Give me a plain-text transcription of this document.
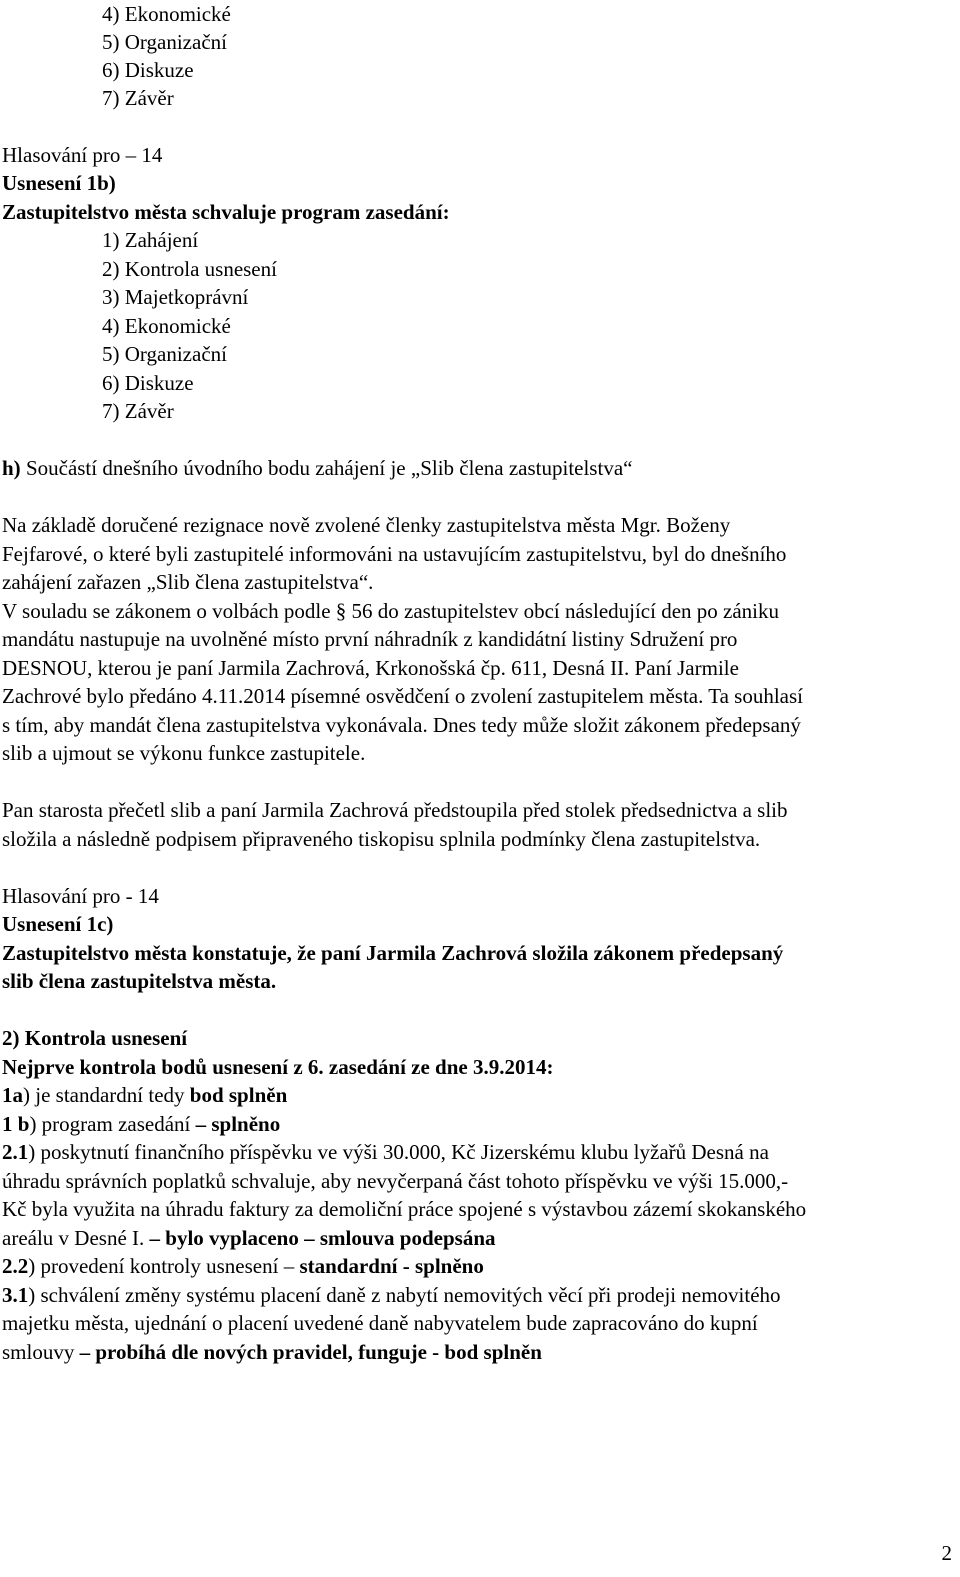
4) Ekonomické
5) Organizační
6) Diskuze
7) Závěr
Hlasování pro – 14
Usnesení 1b)
Zastupitelstvo města schvaluje program zasedání:
1) Zahájení
2) Kontrola usnesení
3) Majetkoprávní
4) Ekonomické
5) Organizační
6) Diskuze
7) Závěr
h) Součástí dnešního úvodního bodu zahájení je „Slib člena zastupitelstva“
Na základě doručené rezignace nově zvolené členky zastupitelstva města Mgr. Boženy
Fejfarové, o které byli zastupitelé informováni na ustavujícím zastupitelstvu, byl do dnešního
zahájení zařazen „Slib člena zastupitelstva“.
V souladu se zákonem o volbách podle § 56 do zastupitelstev obcí následující den po zániku
mandátu nastupuje na uvolněné místo první náhradník z kandidátní listiny Sdružení pro
DESNOU, kterou je paní Jarmila Zachrová, Krkonošská čp. 611, Desná II. Paní Jarmile
Zachrové bylo předáno 4.11.2014 písemné osvědčení o zvolení zastupitelem města. Ta souhlasí
s tím, aby mandát člena zastupitelstva vykonávala. Dnes tedy může složit zákonem předepsaný
slib a ujmout se výkonu funkce zastupitele.
Pan starosta přečetl slib a paní Jarmila Zachrová předstoupila před stolek předsednictva a slib
složila a následně podpisem připraveného tiskopisu splnila podmínky člena zastupitelstva.
Hlasování pro - 14
Usnesení 1c)
Zastupitelstvo města konstatuje, že paní Jarmila Zachrová složila zákonem předepsaný
slib člena zastupitelstva města.
2) Kontrola usnesení
Nejprve kontrola bodů usnesení z 6. zasedání ze dne 3.9.2014:
1a) je standardní tedy bod splněn
1 b) program zasedání – splněno
2.1) poskytnutí finančního příspěvku ve výši 30.000, Kč Jizerskému klubu lyžařů Desná na
úhradu správních poplatků schvaluje, aby nevyčerpaná část tohoto příspěvku ve výši 15.000,-
Kč byla využita na úhradu faktury za demoliční práce spojené s výstavbou zázemí skokanského
areálu v Desné I. – bylo vyplaceno – smlouva podepsána
2.2) provedení kontroly usnesení – standardní - splněno
3.1) schválení změny systému placení daně z nabytí nemovitých věcí při prodeji nemovitého
majetku města, ujednání o placení uvedené daně nabyvatelem bude zapracováno do kupní
smlouvy – probíhá dle nových pravidel, funguje - bod splněn
2
